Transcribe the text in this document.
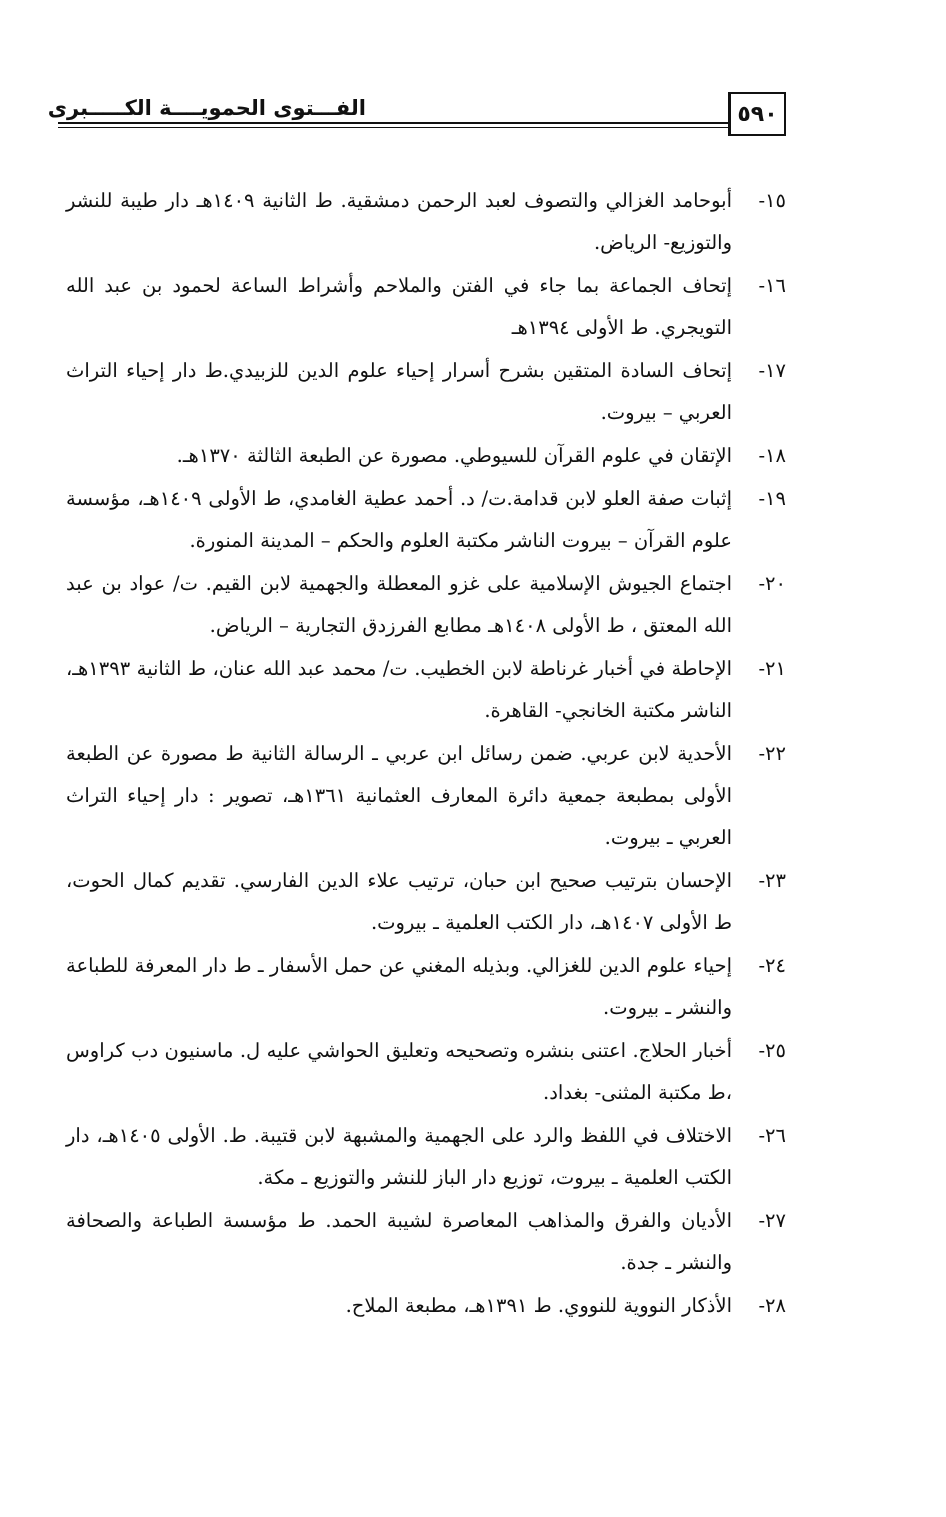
٥٩٠
الفـــتوى الحمويــــة الكـــــبرى
١٥-
أبوحامد الغزالي والتصوف لعبد الرحمن دمشقية. ط الثانية ١٤٠٩هـ دار طيبة للنشر والتوزيع- الرياض.
١٦-
إتحاف الجماعة بما جاء في الفتن والملاحم وأشراط الساعة لحمود بن عبد الله التويجري. ط الأولى ١٣٩٤هـ
١٧-
إتحاف السادة المتقين بشرح أسرار إحياء علوم الدين للزبيدي.ط دار إحياء التراث العربي – بيروت.
١٨-
الإتقان في علوم القرآن للسيوطي. مصورة عن الطبعة الثالثة ١٣٧٠هـ.
١٩-
إثبات صفة العلو لابن قدامة.ت/ د. أحمد عطية الغامدي، ط الأولى ١٤٠٩هـ، مؤسسة علوم القرآن – بيروت الناشر مكتبة العلوم والحكم – المدينة المنورة.
٢٠-
اجتماع الجيوش الإسلامية على غزو المعطلة والجهمية لابن القيم. ت/ عواد بن عبد الله المعتق ، ط الأولى ١٤٠٨هـ مطابع الفرزدق التجارية – الرياض.
٢١-
الإحاطة في أخبار غرناطة لابن الخطيب. ت/ محمد عبد الله عنان، ط الثانية ١٣٩٣هـ، الناشر مكتبة الخانجي- القاهرة.
٢٢-
الأحدية لابن عربي. ضمن رسائل ابن عربي ـ الرسالة الثانية ط مصورة عن الطبعة الأولى بمطبعة جمعية دائرة المعارف العثمانية ١٣٦١هـ، تصوير : دار إحياء التراث العربي ـ بيروت.
٢٣-
الإحسان بترتيب صحيح ابن حبان، ترتيب علاء الدين الفارسي. تقديم كمال الحوت، ط الأولى ١٤٠٧هـ، دار الكتب العلمية ـ بيروت.
٢٤-
إحياء علوم الدين للغزالي. وبذيله المغني عن حمل الأسفار ـ ط دار المعرفة للطباعة والنشر ـ بيروت.
٢٥-
أخبار الحلاج. اعتنى بنشره وتصحيحه وتعليق الحواشي عليه ل. ماسنيون دب كراوس ،ط مكتبة المثنى- بغداد.
٢٦-
الاختلاف في اللفظ والرد على الجهمية والمشبهة لابن قتيبة. ط. الأولى ١٤٠٥هـ، دار الكتب العلمية ـ بيروت، توزيع دار الباز للنشر والتوزيع ـ مكة.
٢٧-
الأديان والفرق والمذاهب المعاصرة لشيبة الحمد. ط مؤسسة الطباعة والصحافة والنشر ـ جدة.
٢٨-
الأذكار النووية للنووي. ط ١٣٩١هـ، مطبعة الملاح.
